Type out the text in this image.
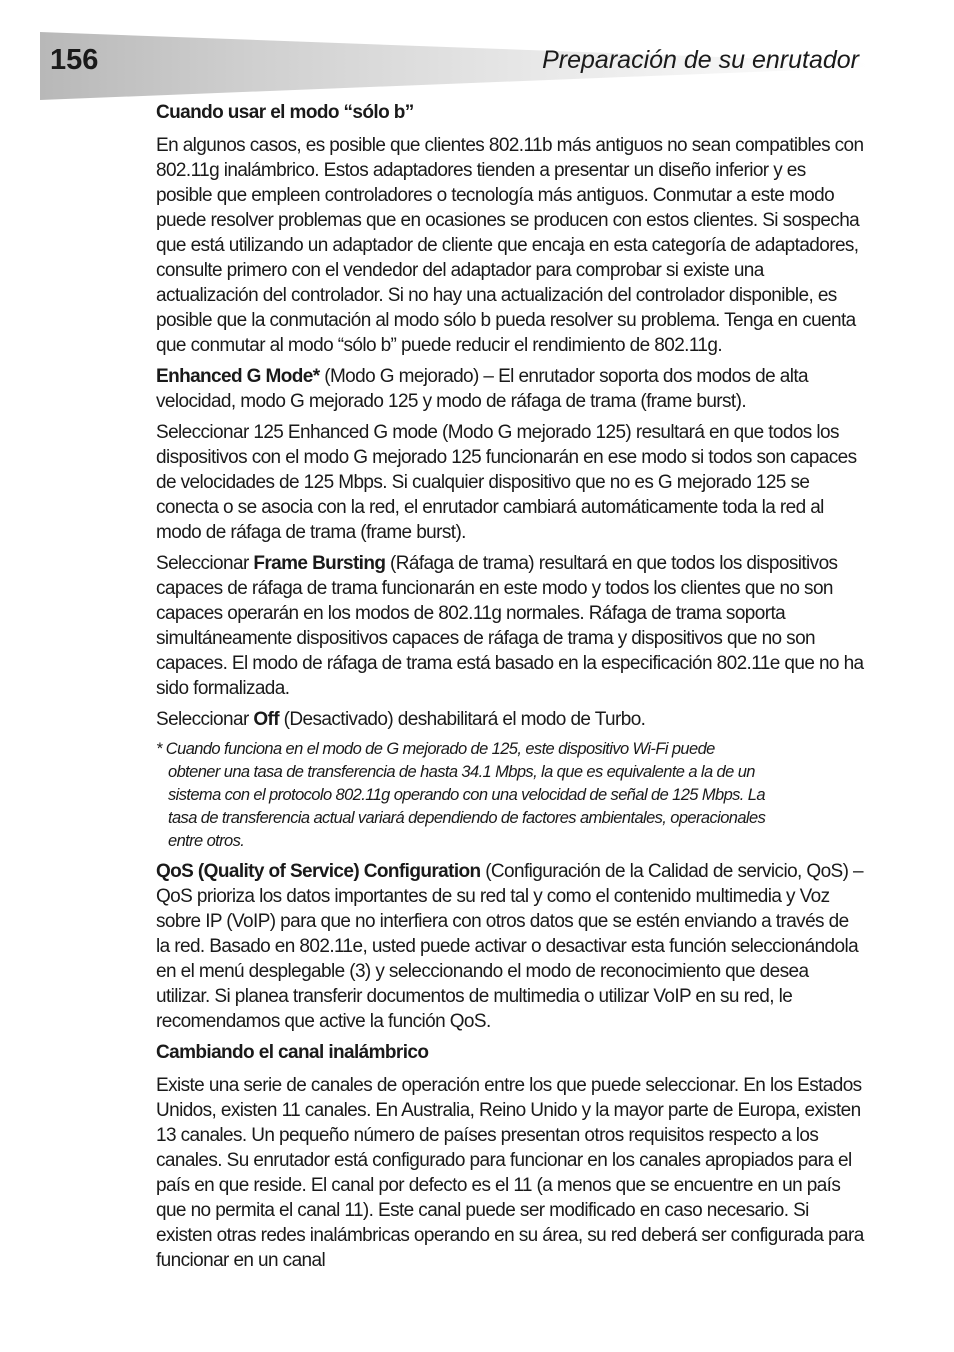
156	Preparación de su enrutador
Cuando usar el modo “sólo b”

En algunos casos, es posible que clientes 802.11b más antiguos no sean compatibles con 802.11g inalámbrico. Estos adaptadores tienden a presentar un diseño inferior y es posible que empleen controladores o tecnología más antiguos. Conmutar a este modo puede resolver problemas que en ocasiones se producen con estos clientes. Si sospecha que está utilizando un adaptador de cliente que encaja en esta categoría de adaptadores, consulte primero con el vendedor del adaptador para comprobar si existe una actualización del controlador. Si no hay una actualización del controlador disponible, es posible que la conmutación al modo sólo b pueda resolver su problema. Tenga en cuenta que conmutar al modo “sólo b” puede reducir el rendimiento de 802.11g.

Enhanced G Mode* (Modo G mejorado) – El enrutador soporta dos modos de alta velocidad, modo G mejorado 125 y modo de ráfaga de trama (frame burst).

Seleccionar 125 Enhanced G mode (Modo G mejorado 125) resultará en que todos los dispositivos con el modo G mejorado 125 funcionarán en ese modo si todos son capaces de velocidades de 125 Mbps. Si cualquier dispositivo que no es G mejorado 125 se conecta o se asocia con la red, el enrutador cambiará automáticamente toda la red al modo de ráfaga de trama (frame burst).

Seleccionar Frame Bursting (Ráfaga de trama) resultará en que todos los dispositivos capaces de ráfaga de trama funcionarán en este modo y todos los clientes que no son capaces operarán en los modos de 802.11g normales. Ráfaga de trama soporta simultáneamente dispositivos capaces de ráfaga de trama y dispositivos que no son capaces. El modo de ráfaga de trama está basado en la especificación 802.11e que no ha sido formalizada.

Seleccionar Off (Desactivado) deshabilitará el modo de Turbo.

* Cuando funciona en el modo de G mejorado de 125, este dispositivo Wi-Fi puede obtener una tasa de transferencia de hasta 34.1 Mbps, la que es equivalente a la de un sistema con el protocolo 802.11g operando con una velocidad de señal de 125 Mbps. La tasa de transferencia actual variará dependiendo de factores ambientales, operacionales entre otros.

QoS (Quality of Service) Configuration (Configuración de la Calidad de servicio, QoS) – QoS prioriza los datos importantes de su red tal y como el contenido multimedia y Voz sobre IP (VoIP) para que no interfiera con otros datos que se estén enviando a través de la red. Basado en 802.11e, usted puede activar o desactivar esta función seleccionándola en el menú desplegable (3) y seleccionando el modo de reconocimiento que desea utilizar. Si planea transferir documentos de multimedia o utilizar VoIP en su red, le recomendamos que active la función QoS.

Cambiando el canal inalámbrico

Existe una serie de canales de operación entre los que puede seleccionar. En los Estados Unidos, existen 11 canales. En Australia, Reino Unido y la mayor parte de Europa, existen 13 canales. Un pequeño número de países presentan otros requisitos respecto a los canales. Su enrutador está configurado para funcionar en los canales apropiados para el país en que reside. El canal por defecto es el 11 (a menos que se encuentre en un país que no permita el canal 11). Este canal puede ser modificado en caso necesario. Si existen otras redes inalámbricas operando en su área, su red deberá ser configurada para funcionar en un canal
